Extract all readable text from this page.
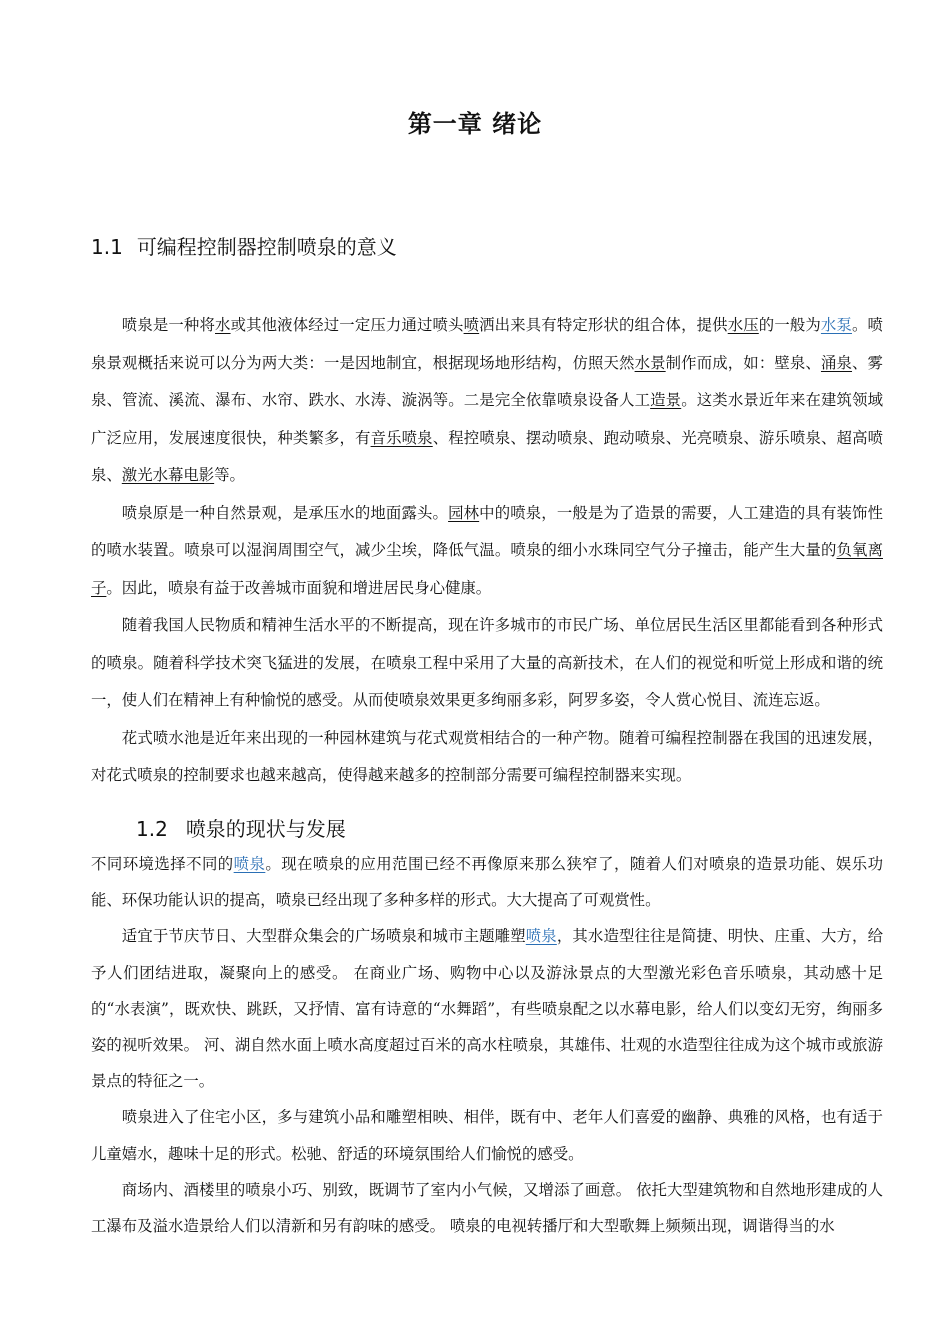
第一章 绪论
1.1 可编程控制器控制喷泉的意义

喷泉是一种将水或其他液体经过一定压力通过喷头喷洒出来具有特定形状的组合体，提供水压的一般为水泵。喷泉景观概括来说可以分为两大类：一是因地制宜，根据现场地形结构，仿照天然水景制作而成，如：壁泉、涌泉、雾泉、管流、溪流、瀑布、水帘、跌水、水涛、漩涡等。二是完全依靠喷泉设备人工造景。这类水景近年来在建筑领域广泛应用，发展速度很快，种类繁多，有音乐喷泉、程控喷泉、摆动喷泉、跑动喷泉、光亮喷泉、游乐喷泉、超高喷泉、激光水幕电影等。

喷泉原是一种自然景观，是承压水的地面露头。园林中的喷泉，一般是为了造景的需要，人工建造的具有装饰性的喷水装置。喷泉可以湿润周围空气，减少尘埃，降低气温。喷泉的细小水珠同空气分子撞击，能产生大量的负氧离子。因此，喷泉有益于改善城市面貌和增进居民身心健康。

随着我国人民物质和精神生活水平的不断提高，现在许多城市的市民广场、单位居民生活区里都能看到各种形式的喷泉。随着科学技术突飞猛进的发展，在喷泉工程中采用了大量的高新技术，在人们的视觉和听觉上形成和谐的统一，使人们在精神上有种愉悦的感受。从而使喷泉效果更多绚丽多彩，阿罗多姿，令人赏心悦目、流连忘返。

花式喷水池是近年来出现的一种园林建筑与花式观赏相结合的一种产物。随着可编程控制器在我国的迅速发展，对花式喷泉的控制要求也越来越高，使得越来越多的控制部分需要可编程控制器来实现。

1.2 喷泉的现状与发展

不同环境选择不同的喷泉。现在喷泉的应用范围已经不再像原来那么狭窄了，随着人们对喷泉的造景功能、娱乐功能、环保功能认识的提高，喷泉已经出现了多种多样的形式。大大提高了可观赏性。

适宜于节庆节日、大型群众集会的广场喷泉和城市主题雕塑喷泉，其水造型往往是简捷、明快、庄重、大方，给予人们团结进取，凝聚向上的感受。 在商业广场、购物中心以及游泳景点的大型激光彩色音乐喷泉，其动感十足的“水表演”，既欢快、跳跃，又抒情、富有诗意的“水舞蹈”，有些喷泉配之以水幕电影，给人们以变幻无穷，绚丽多姿的视听效果。 河、湖自然水面上喷水高度超过百米的高水柱喷泉，其雄伟、壮观的水造型往往成为这个城市或旅游景点的特征之一。

喷泉进入了住宅小区，多与建筑小品和雕塑相映、相伴，既有中、老年人们喜爱的幽静、典雅的风格，也有适于儿童嬉水，趣味十足的形式。松驰、舒适的环境氛围给人们愉悦的感受。

商场内、酒楼里的喷泉小巧、别致，既调节了室内小气候，又增添了画意。 依托大型建筑物和自然地形建成的人工瀑布及溢水造景给人们以清新和另有韵味的感受。 喷泉的电视转播厅和大型歌舞上频频出现，调谐得当的水
